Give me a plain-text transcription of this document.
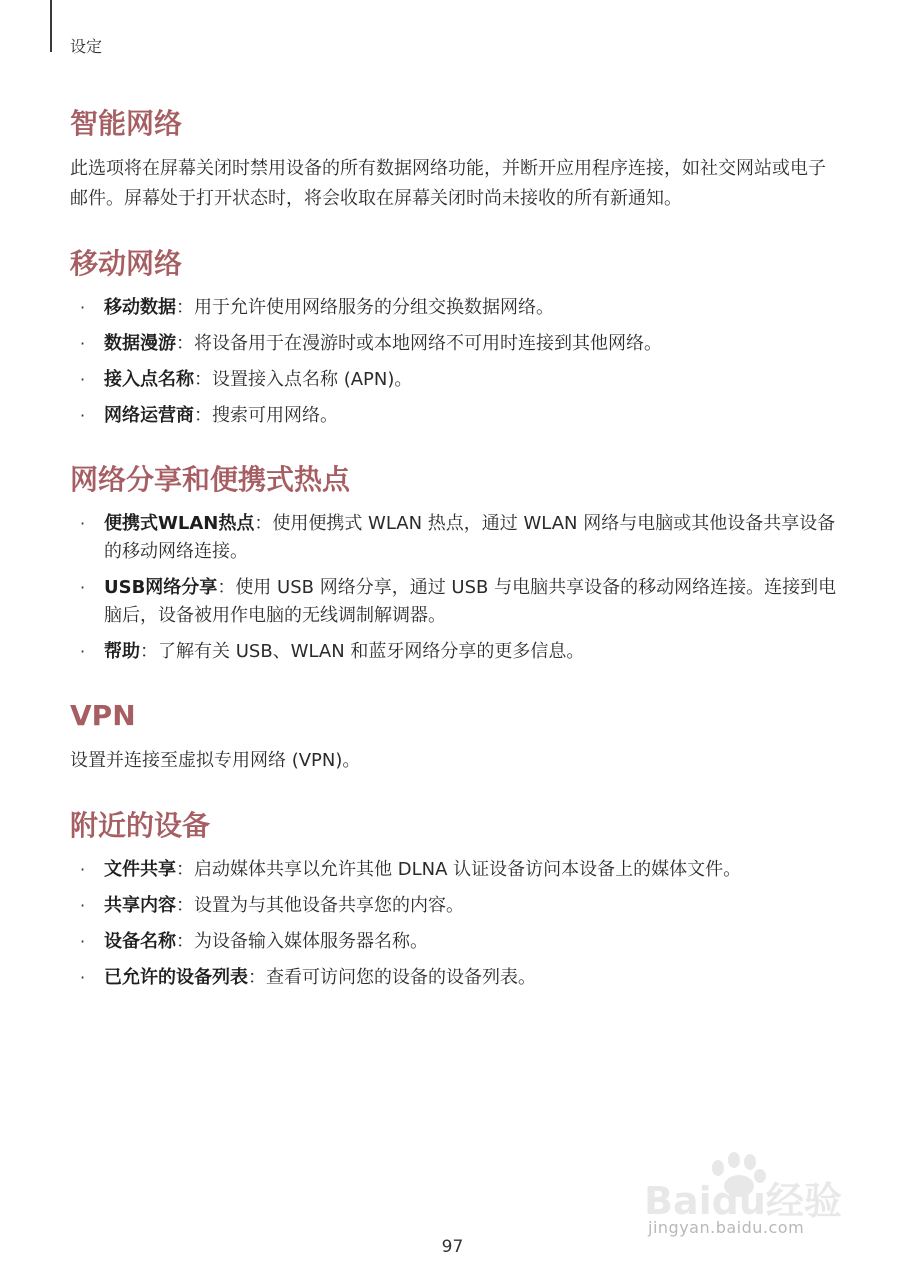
设定
智能网络

此选项将在屏幕关闭时禁用设备的所有数据网络功能，并断开应用程序连接，如社交网站或电子邮件。屏幕处于打开状态时，将会收取在屏幕关闭时尚未接收的所有新通知。

移动网络
· 移动数据：用于允许使用网络服务的分组交换数据网络。
· 数据漫游：将设备用于在漫游时或本地网络不可用时连接到其他网络。
· 接入点名称：设置接入点名称 (APN)。
· 网络运营商：搜索可用网络。
网络分享和便携式热点
· 便携式WLAN热点：使用便携式 WLAN 热点，通过 WLAN 网络与电脑或其他设备共享设备的移动网络连接。
· USB网络分享：使用 USB 网络分享，通过 USB 与电脑共享设备的移动网络连接。连接到电脑后，设备被用作电脑的无线调制解调器。
· 帮助：了解有关 USB、WLAN 和蓝牙网络分享的更多信息。
VPN

设置并连接至虚拟专用网络 (VPN)。

附近的设备
· 文件共享：启动媒体共享以允许其他 DLNA 认证设备访问本设备上的媒体文件。
· 共享内容：设置为与其他设备共享您的内容。
· 设备名称：为设备输入媒体服务器名称。
· 已允许的设备列表：查看可访问您的设备的设备列表。
Baidu经验
jingyan.baidu.com
97
